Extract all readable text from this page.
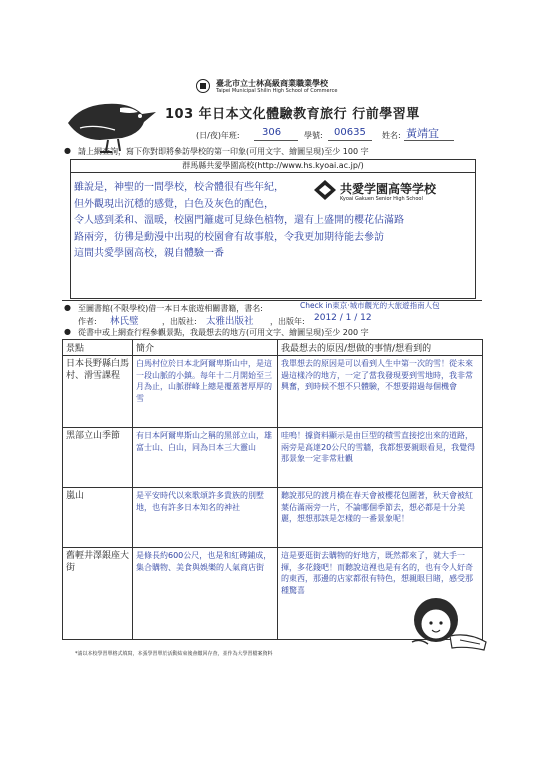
臺北市立士林高級商業職業學校
Taipei Municipal Shilin High School of Commerce
103 年日本文化體驗教育旅行 行前學習單
(日/夜)年班: 306	學號: 00635 姓名: 黃靖宜
● 請上網查詢，寫下你對即將參訪學校的第一印象(可用文字、繪圖呈現)至少 100 字
群馬縣共愛學園高校(http://www.hs.kyoai.ac.jp/)
共愛学園高等学校
Kyoai Gakuen Senior High School
雖說是，神聖的一間學校，校舍體很有些年紀，
但外觀現出沉穩的感覺，白色及灰色的配色，
令人感到柔和、溫暖，校園門籬處可見綠色植物，還有上盛開的櫻花佔滿路
路兩旁，彷彿是動漫中出現的校園會有故事般，令我更加期待能去參訪
這間共愛學園高校，親自體驗一番
● 至圖書館(不限學校)借一本日本旅遊相關書籍，書名:	Check in東京·城市觀光的大旅遊指南人包
作者: 林氏璧	，出版社: 太雅出版社 ，出版年: 2012 / 1 / 12
● 從書中或上網查行程參觀景點，我最想去的地方(可用文字、繪圖呈現)至少 200 字
景點	簡介	我最想去的原因/想做的事情/想看到的
日本長野縣白馬村、滑雪課程	白馬村位於日本北阿爾卑斯山中，是這一段山脈的小鎮。每年十二月開始至三月為止，山脈群峰上總是覆蓋著厚厚的雪	我單想去的原因是可以看到人生中第一次的雪！從未來過這樣冷的地方，一定了當我發現要到雪地時，我非常興奮，到時候不想不只體驗，不想要錯過每個機會
黑部立山季節	有日本阿爾卑斯山之稱的黑部立山，雄富士山、白山，同為日本三大靈山	哇嗚！據資料顯示是由巨型的積雪直接挖出來的道路，兩旁是高達20公尺的雪牆，我都想要親眼看見，我覺得那景象一定非常壯觀
嵐山	是平安時代以來歌頌許多貴族的別墅地，也有許多日本知名的神社	聽說那兒的渡月橋在春天會被櫻花包圍著，秋天會被紅葉佔滿兩旁一片，不論哪個季節去，想必都是十分美麗，想想那該是怎樣的一番景象呢！
舊輕井澤銀座大街	是條長約600公尺，也是和紅磚鋪成，集合購物、美食與娛樂的人氣商店街	這是要逛街去購物的好地方，既然都來了，就大手一揮，多花錢吧！而聽說這裡也是有名的，也有令人好奇的東西，那邊的店家都很有特色，想親眼目睹，感受那種驚喜
*請以本校學習單格式填寫，本張學習單於活動結束後會繳回存查，並作為大學習檔案資料
